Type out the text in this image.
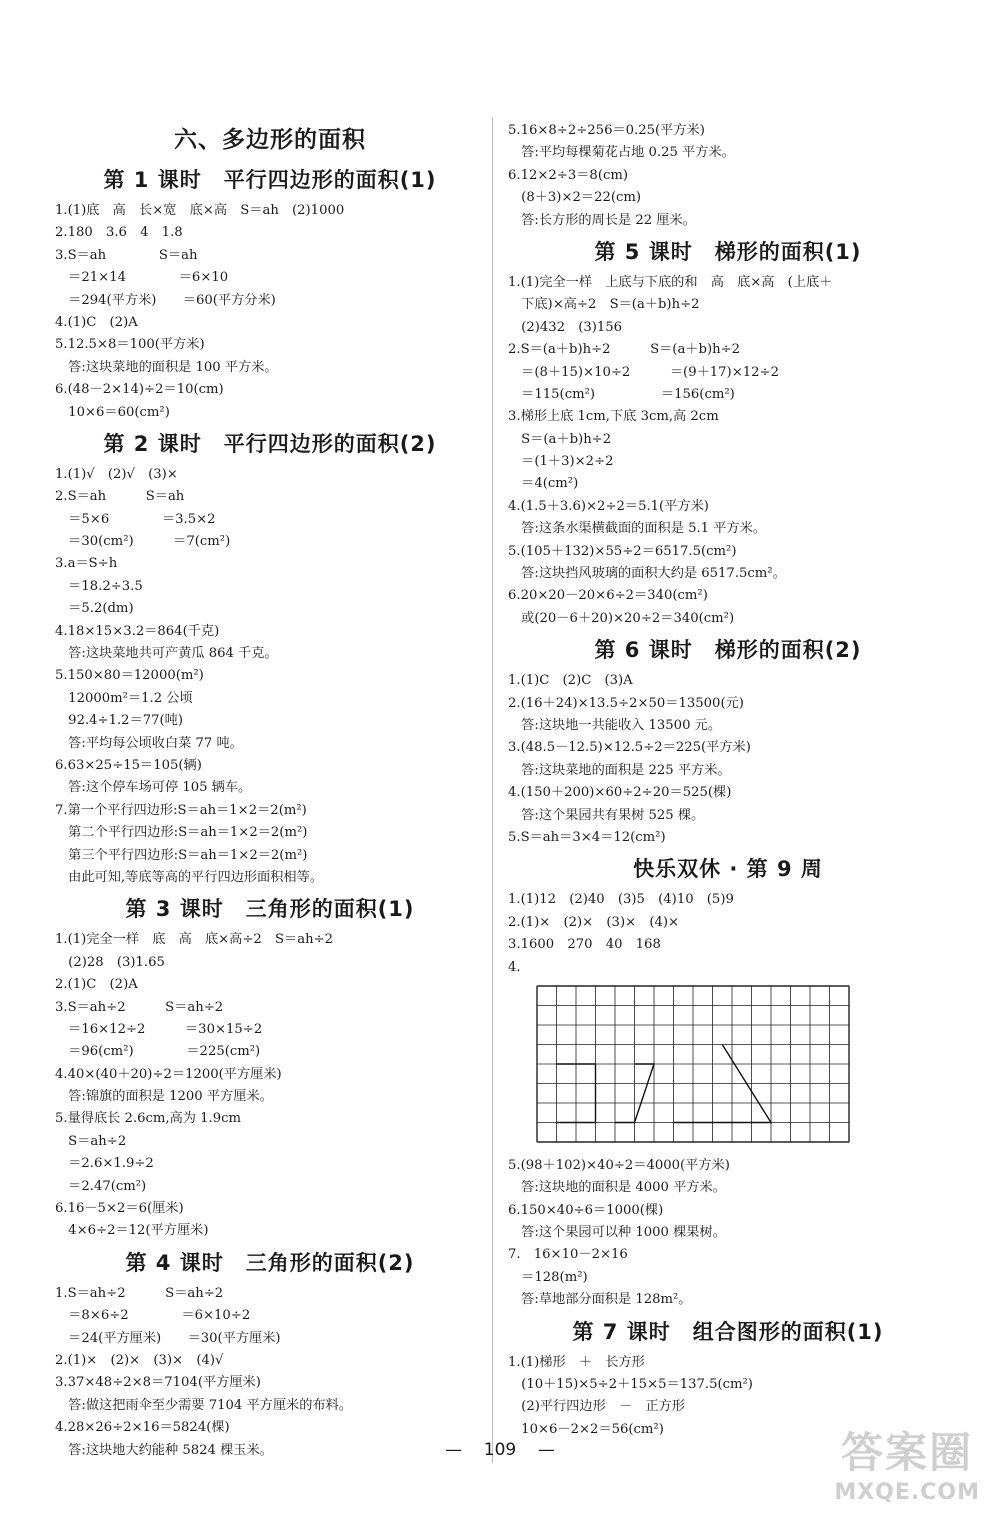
六、多边形的面积
第 1 课时　平行四边形的面积(1)
1.(1)底　高　长×宽　底×高　S＝ah　(2)1000
2.180　3.6　4　1.8
3.S＝ah　　　　S＝ah
　＝21×14　　　　＝6×10
　＝294(平方米)　　＝60(平方分米)
4.(1)C　(2)A
5.12.5×8＝100(平方米)
　答:这块菜地的面积是 100 平方米。
6.(48－2×14)÷2＝10(cm)
　10×6＝60(cm²)
第 2 课时　平行四边形的面积(2)
1.(1)√　(2)√　(3)×
2.S＝ah　　　S＝ah
　＝5×6　　　　＝3.5×2
　＝30(cm²)　　　＝7(cm²)
3.a＝S÷h
　＝18.2÷3.5
　＝5.2(dm)
4.18×15×3.2＝864(千克)
　答:这块菜地共可产黄瓜 864 千克。
5.150×80＝12000(m²)
　12000m²＝1.2 公顷
　92.4÷1.2＝77(吨)
　答:平均每公顷收白菜 77 吨。
6.63×25÷15＝105(辆)
　答:这个停车场可停 105 辆车。
7.第一个平行四边形:S＝ah＝1×2＝2(m²)
　第二个平行四边形:S＝ah＝1×2＝2(m²)
　第三个平行四边形:S＝ah＝1×2＝2(m²)
　由此可知,等底等高的平行四边形面积相等。
第 3 课时　三角形的面积(1)
1.(1)完全一样　底　高　底×高÷2　S＝ah÷2
　(2)28　(3)1.65
2.(1)C　(2)A
3.S＝ah÷2　　　S＝ah÷2
　＝16×12÷2　　　＝30×15÷2
　＝96(cm²)　　　　＝225(cm²)
4.40×(40＋20)÷2＝1200(平方厘米)
　答:锦旗的面积是 1200 平方厘米。
5.量得底长 2.6cm,高为 1.9cm
　S＝ah÷2
　＝2.6×1.9÷2
　＝2.47(cm²)
6.16－5×2＝6(厘米)
　4×6÷2＝12(平方厘米)
第 4 课时　三角形的面积(2)
1.S＝ah÷2　　　S＝ah÷2
　＝8×6÷2　　　　＝6×10÷2
　＝24(平方厘米)　　＝30(平方厘米)
2.(1)×　(2)×　(3)×　(4)√
3.37×48÷2×8＝7104(平方厘米)
　答:做这把雨伞至少需要 7104 平方厘米的布料。
4.28×26÷2×16＝5824(棵)
　答:这块地大约能种 5824 棵玉米。
5.16×8÷2÷256＝0.25(平方米)
　答:平均每棵菊花占地 0.25 平方米。
6.12×2÷3＝8(cm)
　(8＋3)×2＝22(cm)
　答:长方形的周长是 22 厘米。
第 5 课时　梯形的面积(1)
1.(1)完全一样　上底与下底的和　高　底×高　(上底＋
　下底)×高÷2　S＝(a＋b)h÷2
　(2)432　(3)156
2.S＝(a＋b)h÷2　　　S＝(a＋b)h÷2
　＝(8＋15)×10÷2　　　＝(9＋17)×12÷2
　＝115(cm²)　　　　　＝156(cm²)
3.梯形上底 1cm,下底 3cm,高 2cm
　S＝(a＋b)h÷2
　＝(1＋3)×2÷2
　＝4(cm²)
4.(1.5＋3.6)×2÷2＝5.1(平方米)
　答:这条水渠横截面的面积是 5.1 平方米。
5.(105＋132)×55÷2＝6517.5(cm²)
　答:这块挡风玻璃的面积大约是 6517.5cm²。
6.20×20－20×6÷2＝340(cm²)
　或(20－6＋20)×20÷2＝340(cm²)
第 6 课时　梯形的面积(2)
1.(1)C　(2)C　(3)A
2.(16＋24)×13.5÷2×50＝13500(元)
　答:这块地一共能收入 13500 元。
3.(48.5－12.5)×12.5÷2＝225(平方米)
　答:这块菜地的面积是 225 平方米。
4.(150＋200)×60÷2÷20＝525(棵)
　答:这个果园共有果树 525 棵。
5.S＝ah＝3×4＝12(cm²)
快乐双休 · 第 9 周
1.(1)12　(2)40　(3)5　(4)10　(5)9
2.(1)×　(2)×　(3)×　(4)×
3.1600　270　40　168
4.
5.(98＋102)×40÷2＝4000(平方米)
　答:这块地的面积是 4000 平方米。
6.150×40÷6＝1000(棵)
　答:这个果园可以种 1000 棵果树。
7.　16×10－2×16
　＝128(m²)
　答:草地部分面积是 128m²。
第 7 课时　组合图形的面积(1)
1.(1)梯形　＋　长方形
　(10＋15)×5÷2＋15×5＝137.5(cm²)
　(2)平行四边形　－　正方形
　10×6－2×2＝56(cm²)
— 109 —	答案圈
MXQE.COM
